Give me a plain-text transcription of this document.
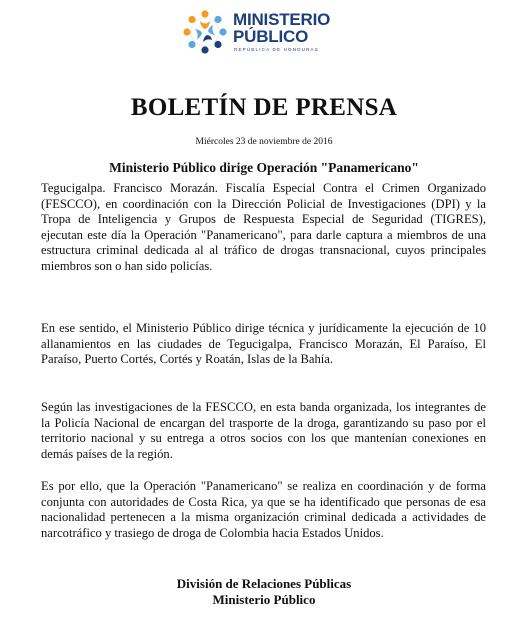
MINISTERIO
PÚBLICO
REPÚBLICA DE HONDURAS
BOLETÍN DE PRENSA
Miércoles 23 de noviembre de 2016
Ministerio Público dirige Operación "Panamericano"

Tegucigalpa. Francisco Morazán. Fiscalía Especial Contra el Crimen Organizado (FESCCO), en coordinación con la Dirección Policial de Investigaciones (DPI) y la Tropa de Inteligencia y Grupos de Respuesta Especial de Seguridad (TIGRES), ejecutan este día la Operación "Panamericano", para darle captura a miembros de una estructura criminal dedicada al al tráfico de drogas transnacional, cuyos principales miembros son o han sido policías.

En ese sentido, el Ministerio Público dirige técnica y jurídicamente la ejecución de 10 allanamientos en las ciudades de Tegucigalpa, Francisco Morazán, El Paraíso, El Paraíso, Puerto Cortés, Cortés y Roatán, Islas de la Bahía.

Según las investigaciones de la FESCCO, en esta banda organizada, los integrantes de la Policía Nacional de encargan del trasporte de la droga, garantizando su paso por el territorio nacional y su entrega a otros socios con los que mantenían conexiones en demás países de la región.

Es por ello, que la Operación "Panamericano" se realiza en coordinación y de forma conjunta con autoridades de Costa Rica, ya que se ha identificado que personas de esa nacionalidad pertenecen a la misma organización criminal dedicada a actividades de narcotráfico y trasiego de droga de Colombia hacia Estados Unidos.

División de Relaciones Públicas
Ministerio Público
